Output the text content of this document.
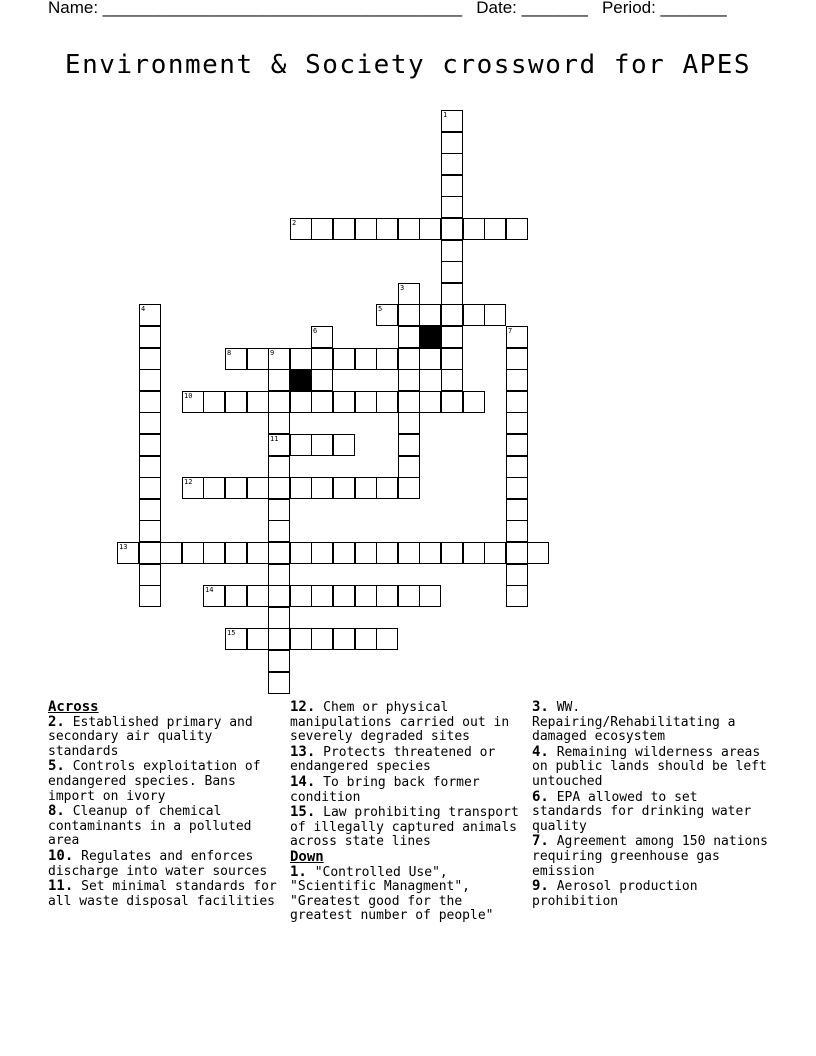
Name: ______________________________________ Date: _______ Period: _______
Environment & Society crossword for APES
1
2
3
4	5
6	7
8	9
11
10
12
13
14
15
Across

2. Established primary and secondary air quality standards

5. Controls exploitation of endangered species. Bans import on ivory

8. Cleanup of chemical contaminants in a polluted area

10. Regulates and enforces discharge into water sources

11. Set minimal standards for all waste disposal facilities

12. Chem or physical manipulations carried out in severely degraded sites

13. Protects threatened or endangered species

14. To bring back former condition

15. Law prohibiting transport of illegally captured animals across state lines

Down

1. "Controlled Use", "Scientific Managment", "Greatest good for the greatest number of people"

3. WW. Repairing/Rehabilitating a damaged ecosystem

4. Remaining wilderness areas on public lands should be left untouched

6. EPA allowed to set standards for drinking water quality

7. Agreement among 150 nations requiring greenhouse gas emission

9. Aerosol production prohibition
